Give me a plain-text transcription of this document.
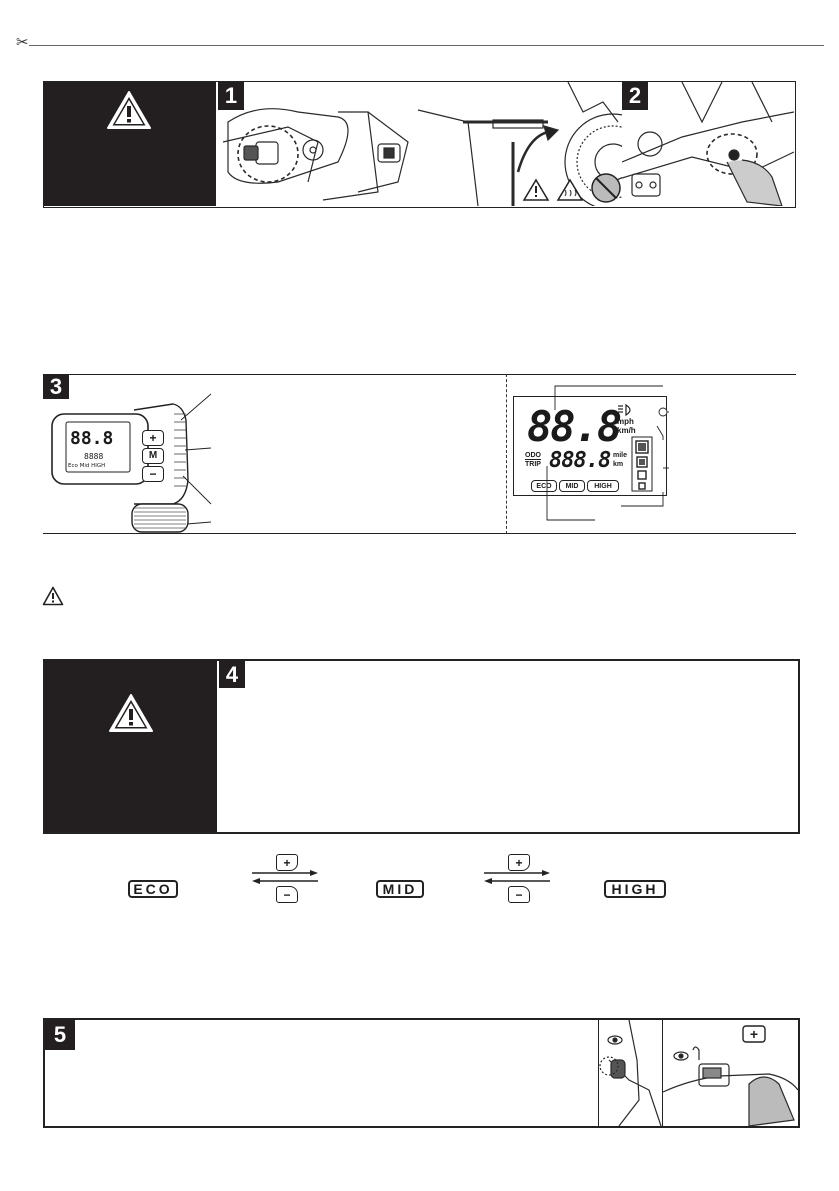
✂
1	2
3
88.8
8888
Eco Mid HIGH
+
M
−
88.8
mph
km/h
ODO
TRIP 888.8 mile
km
ECO MID HIGH
4
ECO
+
−	MID
+
−	HIGH
5	+
